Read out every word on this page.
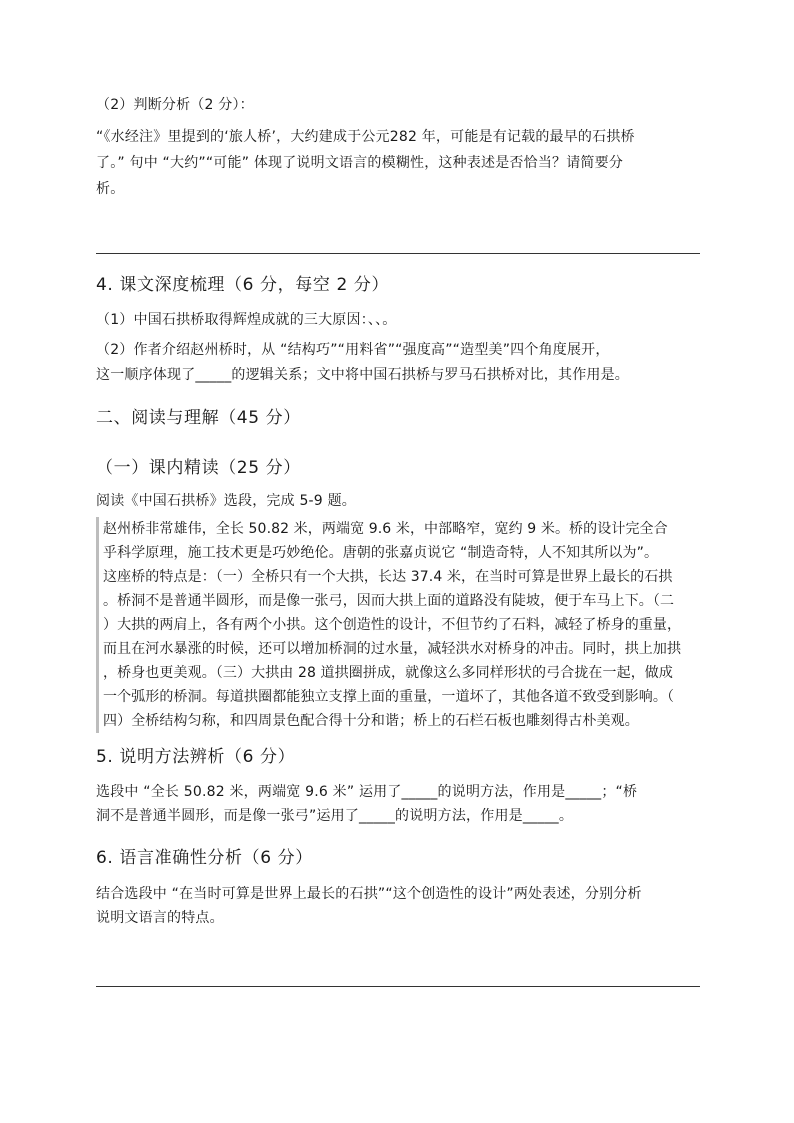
（2）判断分析（2 分）：

“《水经注》里提到的‘旅人桥’，大约建成于公元282 年，可能是有记载的最早的石拱桥

了。” 句中 “大约”“可能” 体现了说明文语言的模糊性，这种表述是否恰当？请简要分

析。

4. 课文深度梳理（6 分，每空 2 分）

（1）中国石拱桥取得辉煌成就的三大原因：、、。

（2）作者介绍赵州桥时，从 “结构巧”“用料省”“强度高”“造型美”四个角度展开，

这一顺序体现了_____的逻辑关系；文中将中国石拱桥与罗马石拱桥对比，其作用是。

二、阅读与理解（45 分）

（一）课内精读（25 分）

阅读《中国石拱桥》选段，完成 5-9 题。

赵州桥非常雄伟，全长 50.82 米，两端宽 9.6 米，中部略窄，宽约 9 米。桥的设计完全合

乎科学原理，施工技术更是巧妙绝伦。唐朝的张嘉贞说它 “制造奇特，人不知其所以为”。

这座桥的特点是：（一）全桥只有一个大拱，长达 37.4 米，在当时可算是世界上最长的石拱

。桥洞不是普通半圆形，而是像一张弓，因而大拱上面的道路没有陡坡，便于车马上下。（二

）大拱的两肩上，各有两个小拱。这个创造性的设计，不但节约了石料，减轻了桥身的重量，

而且在河水暴涨的时候，还可以增加桥洞的过水量，减轻洪水对桥身的冲击。同时，拱上加拱

，桥身也更美观。（三）大拱由 28 道拱圈拼成，就像这么多同样形状的弓合拢在一起，做成

一个弧形的桥洞。每道拱圈都能独立支撑上面的重量，一道坏了，其他各道不致受到影响。（

四）全桥结构匀称，和四周景色配合得十分和谐；桥上的石栏石板也雕刻得古朴美观。

5. 说明方法辨析（6 分）

选段中 “全长 50.82 米，两端宽 9.6 米” 运用了_____的说明方法，作用是_____；“桥

洞不是普通半圆形，而是像一张弓”运用了_____的说明方法，作用是_____。

6. 语言准确性分析（6 分）

结合选段中 “在当时可算是世界上最长的石拱”“这个创造性的设计”两处表述，分别分析

说明文语言的特点。
